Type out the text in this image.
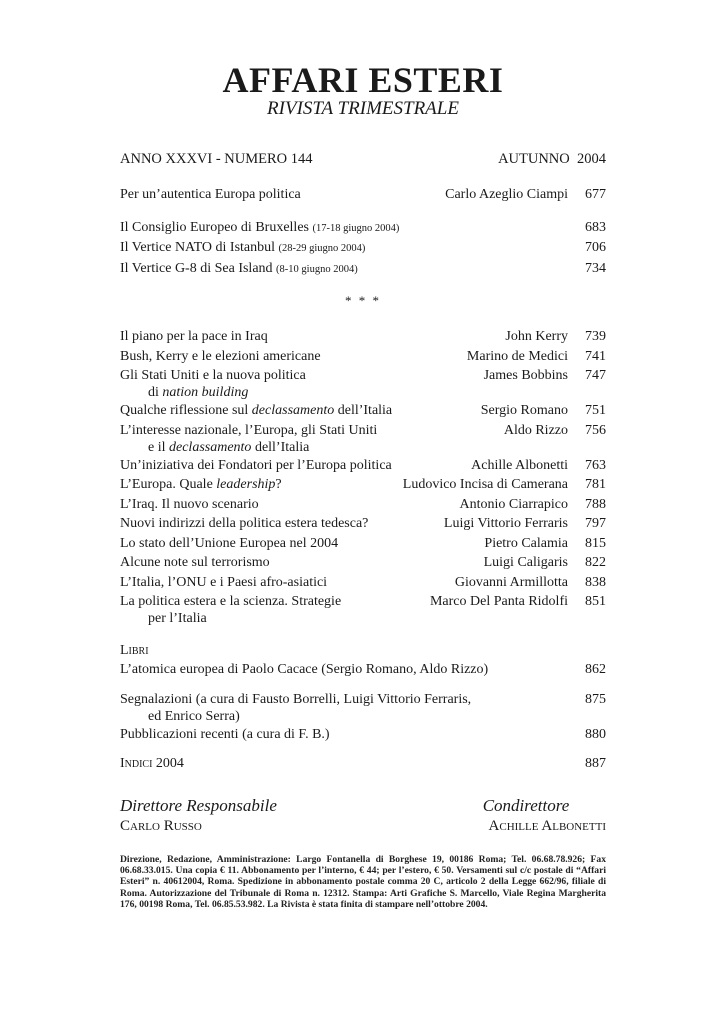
AFFARI ESTERI
RIVISTA TRIMESTRALE
ANNO XXXVI - NUMERO 144	AUTUNNO  2004
Per un’autentica Europa politica	Carlo Azeglio Ciampi	677
Il Consiglio Europeo di Bruxelles (17-18 giugno 2004)	683
Il Vertice NATO di Istanbul (28-29 giugno 2004)	706
Il Vertice G-8 di Sea Island (8-10 giugno 2004)	734
* * *
Il piano per la pace in Iraq	John Kerry	739
Bush, Kerry e le elezioni americane	Marino de Medici	741
Gli Stati Uniti e la nuova politica
di nation building
James Bobbins	747
Qualche riflessione sul declassamento dell’Italia	Sergio Romano	751
L’interesse nazionale, l’Europa, gli Stati Uniti
e il declassamento dell’Italia
Aldo Rizzo	756
Un’iniziativa dei Fondatori per l’Europa politica	Achille Albonetti	763
L’Europa. Quale leadership?	Ludovico Incisa di Camerana	781
L’Iraq. Il nuovo scenario	Antonio Ciarrapico	788
Nuovi indirizzi della politica estera tedesca?	Luigi Vittorio Ferraris	797
Lo stato dell’Unione Europea nel 2004	Pietro Calamia	815
Alcune note sul terrorismo	Luigi Caligaris	822
L’Italia, l’ONU e i Paesi afro-asiatici	Giovanni Armillotta	838
La politica estera e la scienza. Strategie
per l’Italia
Marco Del Panta Ridolfi	851
Libri
L’atomica europea di Paolo Cacace (Sergio Romano, Aldo Rizzo)	862
Segnalazioni (a cura di Fausto Borrelli, Luigi Vittorio Ferraris,
ed Enrico Serra)
875
Pubblicazioni recenti (a cura di F. B.)	880
Indici 2004	887
Direttore Responsabile
Carlo Russo
Condirettore
Achille Albonetti
Direzione, Redazione, Amministrazione: Largo Fontanella di Borghese 19, 00186 Roma; Tel. 06.68.78.926; Fax 06.68.33.015. Una copia € 11. Abbonamento per l’interno, € 44; per l’estero, € 50. Versamenti sul c/c postale di “Affari Esteri” n. 40612004, Roma. Spedizione in abbonamento postale comma 20 C, articolo 2 della Legge 662/96, filiale di Roma. Autorizzazione del Tribunale di Roma n. 12312. Stampa: Arti Grafiche S. Marcello, Viale Regina Margherita 176, 00198 Roma, Tel. 06.85.53.982. La Rivista è stata finita di stampare nell’ottobre 2004.
